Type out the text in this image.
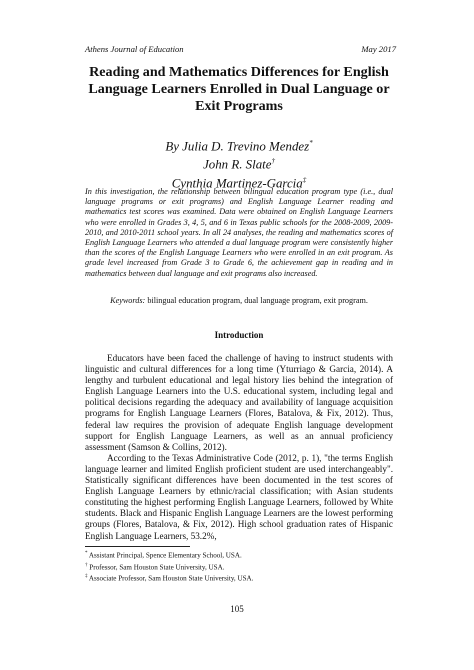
Athens Journal of Education	May 2017
Reading and Mathematics Differences for English Language Learners Enrolled in Dual Language or Exit Programs
By Julia D. Trevino Mendez*
John R. Slate†
Cynthia Martinez-Garcia‡

In this investigation, the relationship between bilingual education program type (i.e., dual language programs or exit programs) and English Language Learner reading and mathematics test scores was examined. Data were obtained on English Language Learners who were enrolled in Grades 3, 4, 5, and 6 in Texas public schools for the 2008-2009, 2009-2010, and 2010-2011 school years. In all 24 analyses, the reading and mathematics scores of English Language Learners who attended a dual language program were consistently higher than the scores of the English Language Learners who were enrolled in an exit program. As grade level increased from Grade 3 to Grade 6, the achievement gap in reading and in mathematics between dual language and exit programs also increased.

Keywords: bilingual education program, dual language program, exit program.

Introduction

Educators have been faced the challenge of having to instruct students with linguistic and cultural differences for a long time (Yturriago & Garcia, 2014). A lengthy and turbulent educational and legal history lies behind the integration of English Language Learners into the U.S. educational system, including legal and political decisions regarding the adequacy and availability of language acquisition programs for English Language Learners (Flores, Batalova, & Fix, 2012). Thus, federal law requires the provision of adequate English language development support for English Language Learners, as well as an annual proficiency assessment (Samson & Collins, 2012).

According to the Texas Administrative Code (2012, p. 1), "the terms English language learner and limited English proficient student are used interchangeably". Statistically significant differences have been documented in the test scores of English Language Learners by ethnic/racial classification; with Asian students constituting the highest performing English Language Learners, followed by White students. Black and Hispanic English Language Learners are the lowest performing groups (Flores, Batalova, & Fix, 2012). High school graduation rates of Hispanic English Language Learners, 53.2%,

* Assistant Principal, Spence Elementary School, USA.

† Professor, Sam Houston State University, USA.

‡ Associate Professor, Sam Houston State University, USA.

105
